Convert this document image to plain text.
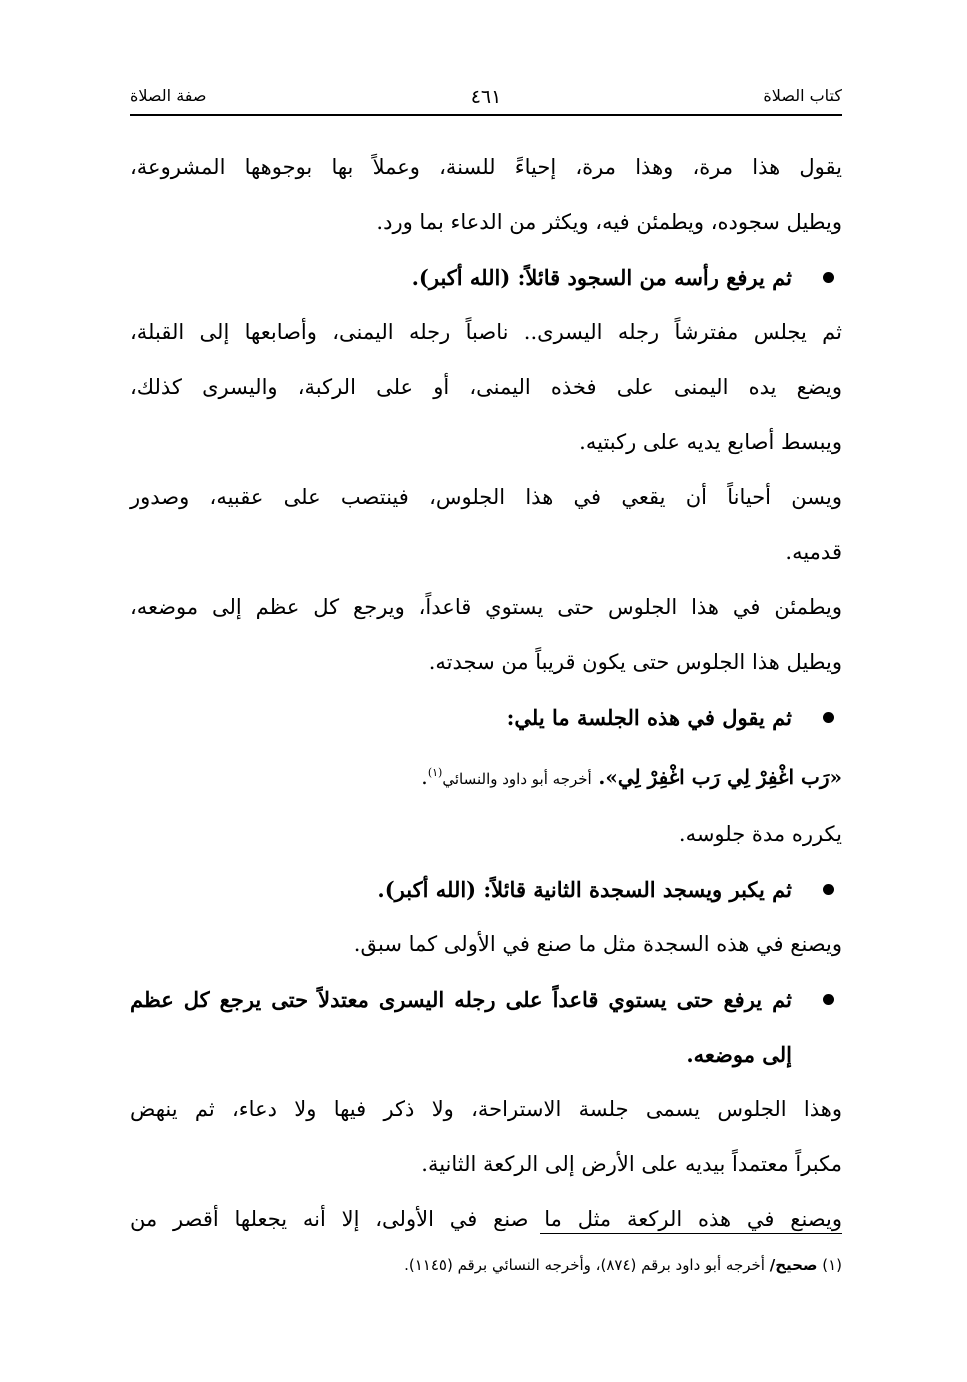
كتاب الصلاة
٤٦١
صفة الصلاة
يقول هذا مرة، وهذا مرة، إحياءً للسنة، وعملاً بها بوجوهها المشروعة،
ويطيل سجوده، ويطمئن فيه، ويكثر من الدعاء بما ورد.
ثم يرفع رأسه من السجود قائلاً: (الله أكبر).
ثم يجلس مفترشاً رجله اليسرى.. ناصباً رجله اليمنى، وأصابعها إلى القبلة،
ويضع يده اليمنى على فخذه اليمنى، أو على الركبة، واليسرى كذلك،
ويبسط أصابع يديه على ركبتيه.
ويسن أحياناً أن يقعي في هذا الجلوس، فينتصب على عقبيه، وصدور
قدميه.
ويطمئن في هذا الجلوس حتى يستوي قاعداً، ويرجع كل عظم إلى موضعه،
ويطيل هذا الجلوس حتى يكون قريباً من سجدته.
ثم يقول في هذه الجلسة ما يلي:
«رَب اغْفِرْ لِي رَب اغْفِرْ لِي». أخرجه أبو داود والنسائي$^{(١)}$.
يكرره مدة جلوسه.
ثم يكبر ويسجد السجدة الثانية قائلاً: (الله أكبر).
ويصنع في هذه السجدة مثل ما صنع في الأولى كما سبق.
ثم يرفع حتى يستوي قاعداً على رجله اليسرى معتدلاً حتى يرجع كل عظم
إلى موضعه.
وهذا الجلوس يسمى جلسة الاستراحة، ولا ذكر فيها ولا دعاء، ثم ينهض
مكبراً معتمداً بيديه على الأرض إلى الركعة الثانية.
ويصنع في هذه الركعة مثل ما صنع في الأولى، إلا أنه يجعلها أقصر من
(١) صحيح/ أخرجه أبو داود برقم (٨٧٤)، وأخرجه النسائي برقم (١١٤٥).
